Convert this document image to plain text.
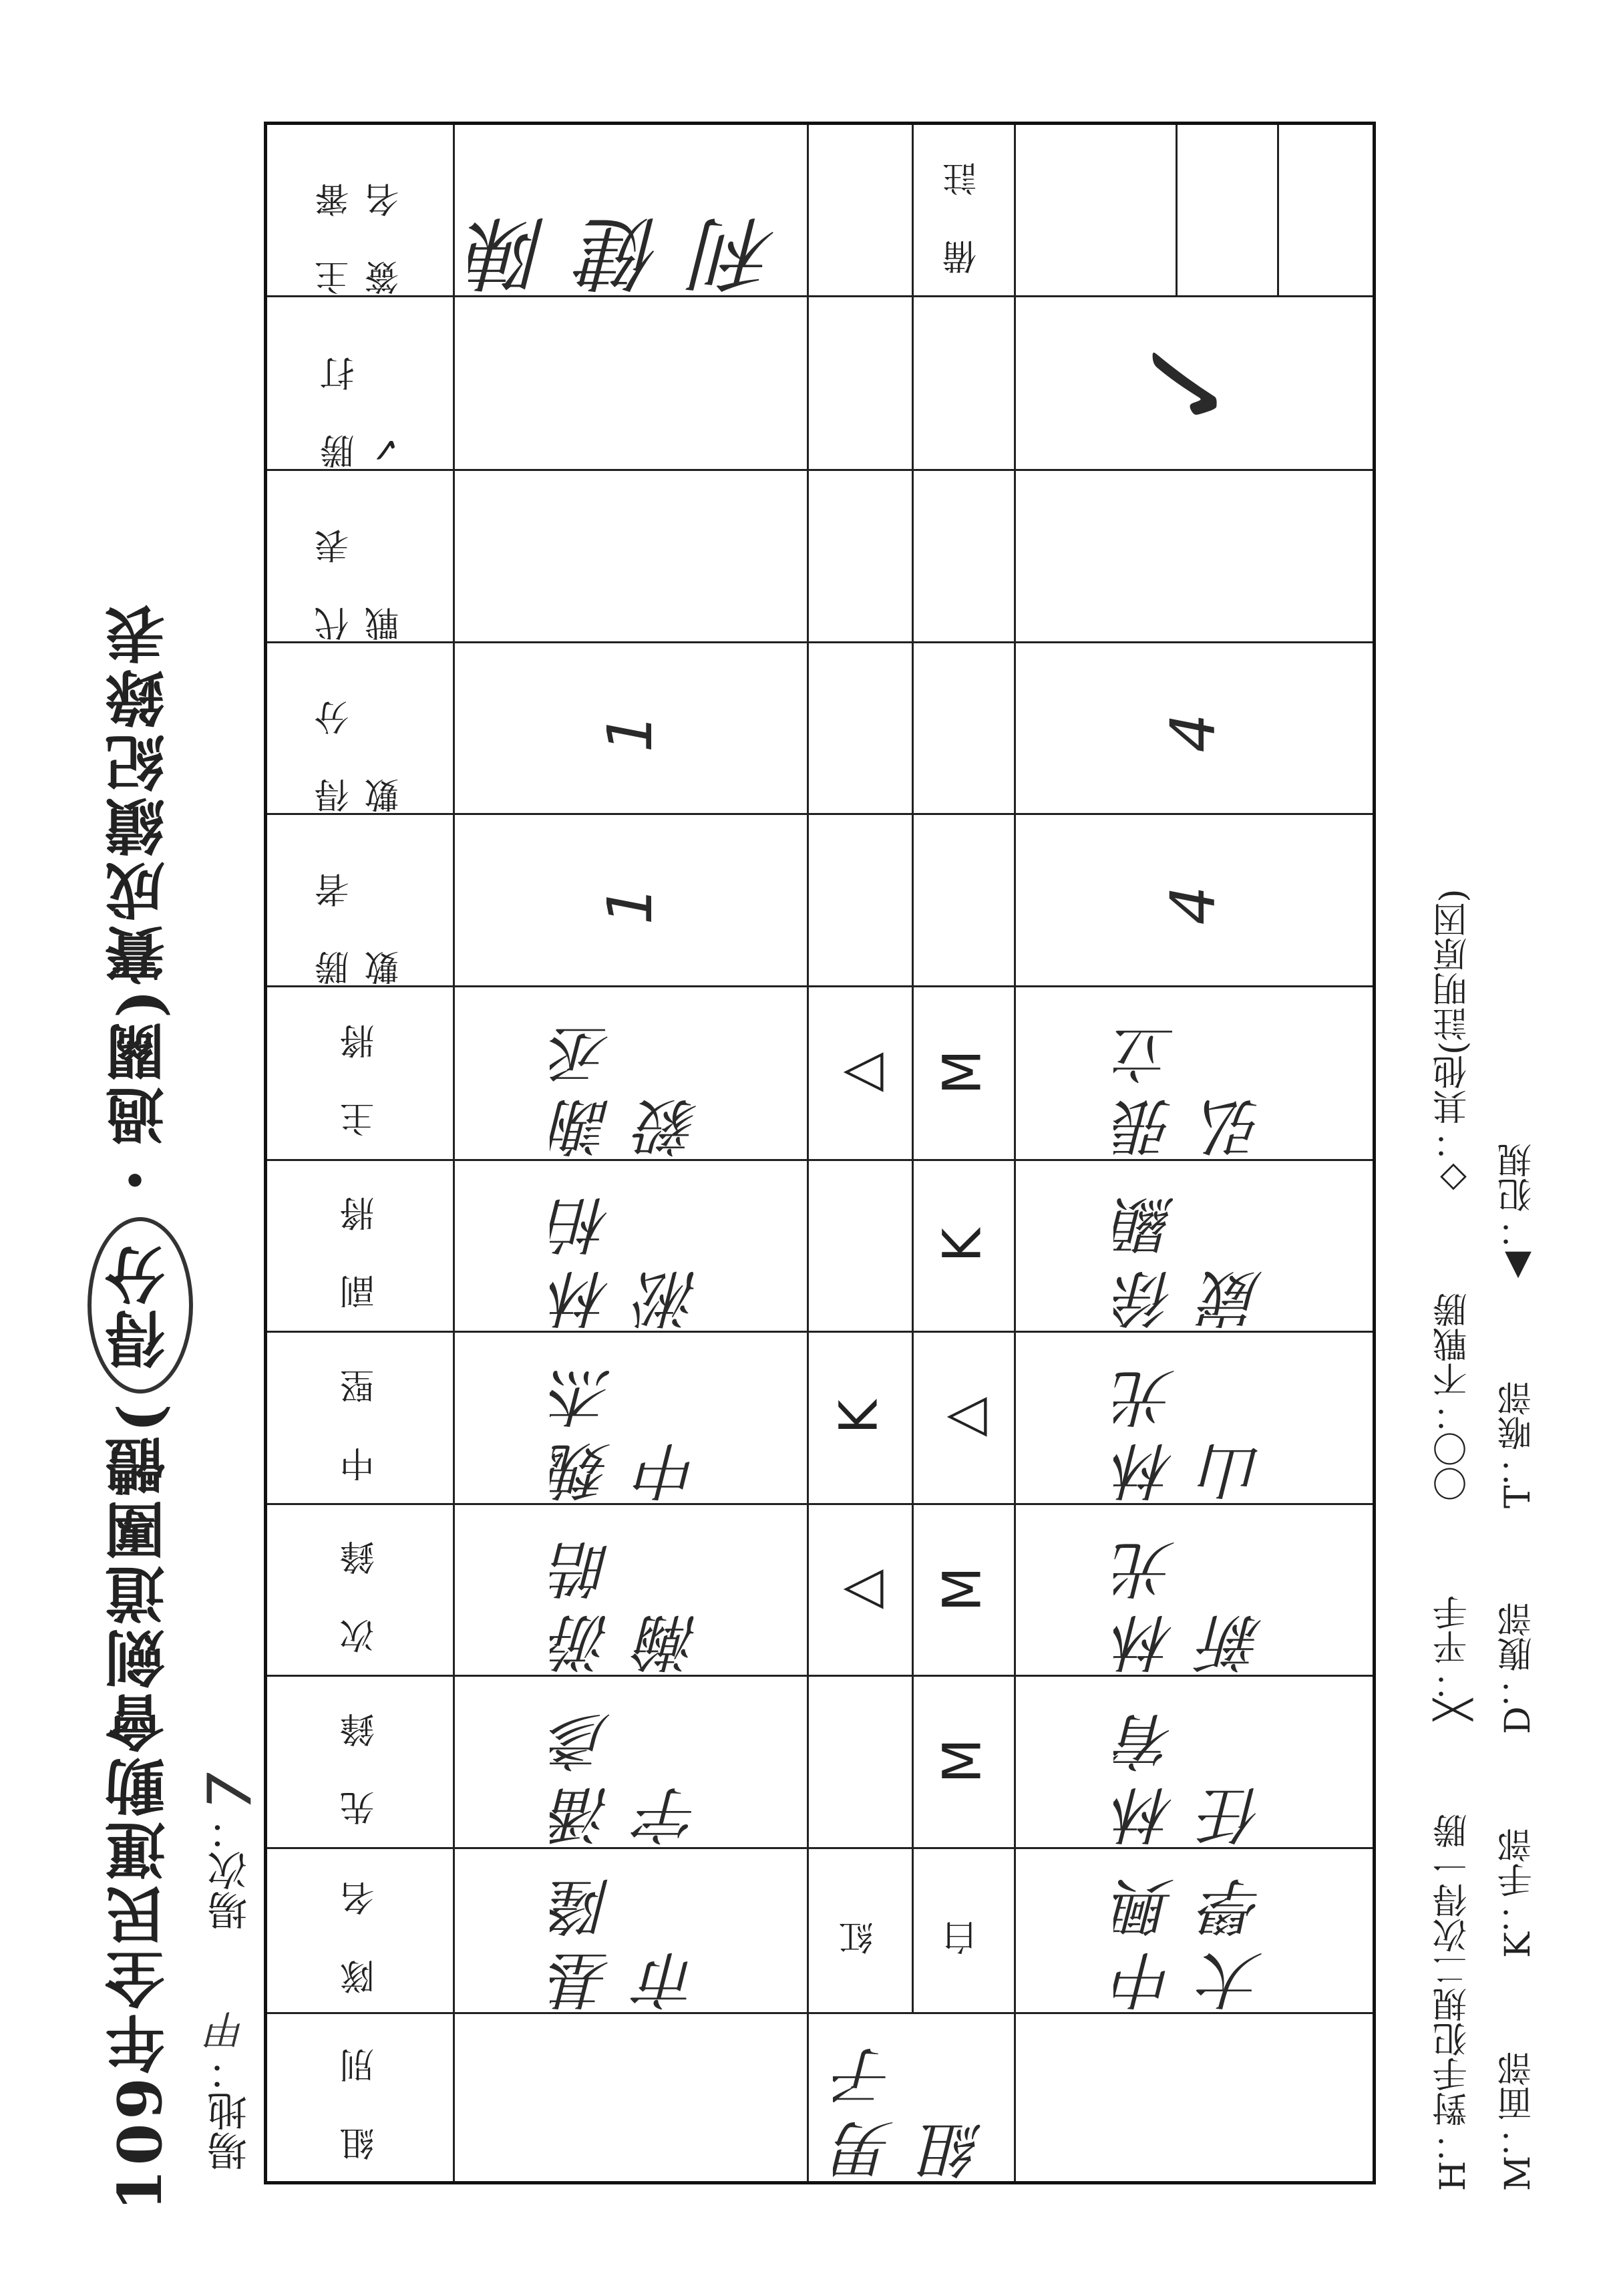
109
年全民運動會劍道團體
(
得分
・
過關
)
賽成績紀錄表
場地：甲
場次：7
組 別
隊 名
先 鋒
次 鋒
中 堅
副 將
主 將
勝 者 數
得 分 數
代 表 戰
勝 打 ✓
主 審 簽 名
男子組
紅 白
基隆市
潘彥宇
游皓瀚
魏杰中
林柏淞
謝丞毅
1
1
△
K
△
M
M
△
K
M
中興大學
林宥任
林光新
林光山
徐顯崴
張立弘
4
4
✓
備 註
陳健利
M：面部
K：手部
D：腹部
T：喉部
▲：犯規
H：對手犯規二次得一勝
╳：平手
〇〇：不戰勝
◇：其他(註明原因)
